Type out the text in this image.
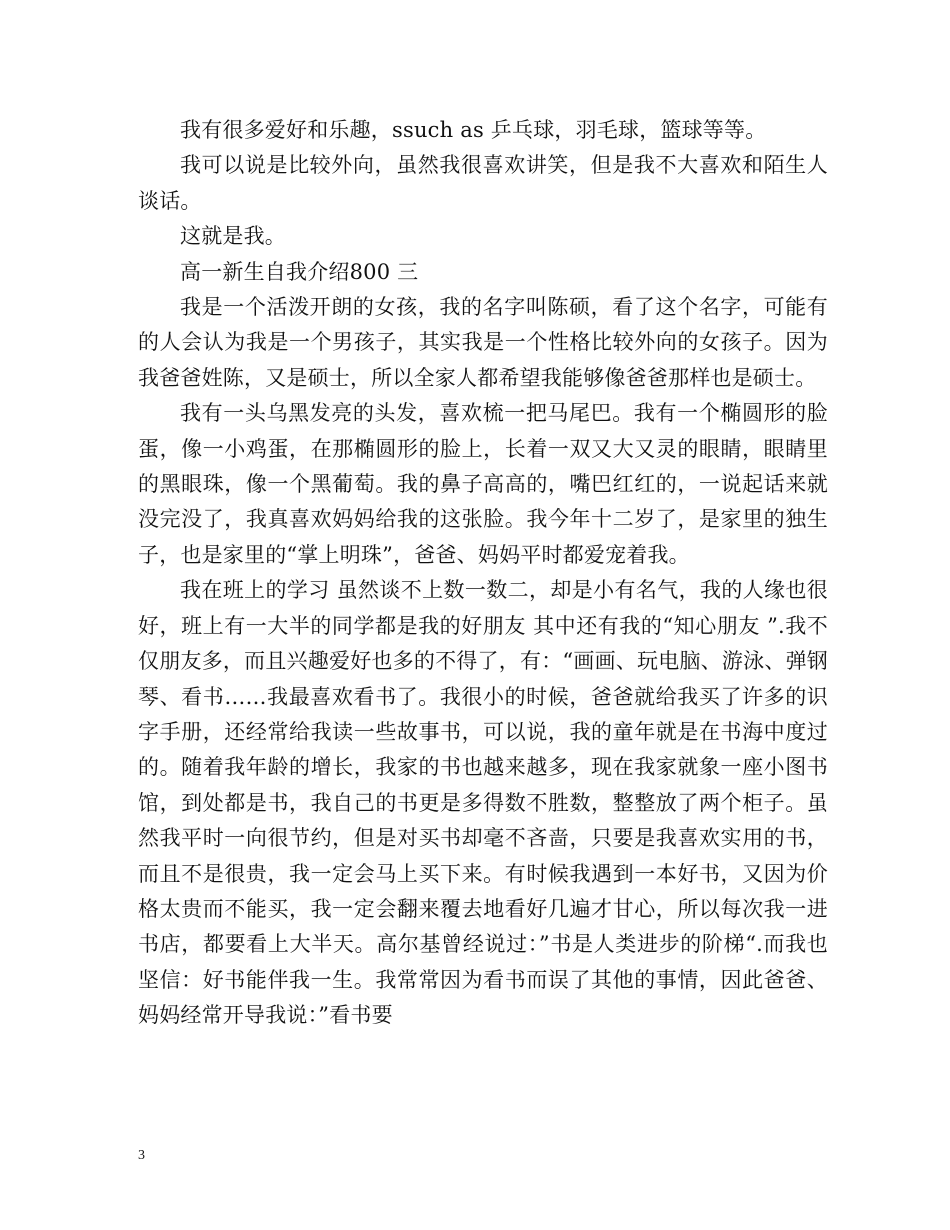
我有很多爱好和乐趣，ssuch as 乒乓球，羽毛球，篮球等等。

我可以说是比较外向，虽然我很喜欢讲笑，但是我不大喜欢和陌生人谈话。

这就是我。

高一新生自我介绍800 三

我是一个活泼开朗的女孩，我的名字叫陈硕，看了这个名字，可能有的人会认为我是一个男孩子，其实我是一个性格比较外向的女孩子。因为我爸爸姓陈，又是硕士，所以全家人都希望我能够像爸爸那样也是硕士。

我有一头乌黑发亮的头发，喜欢梳一把马尾巴。我有一个椭圆形的脸蛋，像一小鸡蛋，在那椭圆形的脸上，长着一双又大又灵的眼睛，眼睛里的黑眼珠，像一个黑葡萄。我的鼻子高高的，嘴巴红红的，一说起话来就没完没了，我真喜欢妈妈给我的这张脸。我今年十二岁了，是家里的独生子，也是家里的“掌上明珠”，爸爸、妈妈平时都爱宠着我。

我在班上的学习 虽然谈不上数一数二，却是小有名气，我的人缘也很好，班上有一大半的同学都是我的好朋友 其中还有我的“知心朋友 ”.我不仅朋友多，而且兴趣爱好也多的不得了，有：“画画、玩电脑、游泳、弹钢琴、看书……我最喜欢看书了。我很小的时候，爸爸就给我买了许多的识字手册，还经常给我读一些故事书，可以说，我的童年就是在书海中度过的。随着我年龄的增长，我家的书也越来越多，现在我家就象一座小图书馆，到处都是书，我自己的书更是多得数不胜数，整整放了两个柜子。虽然我平时一向很节约，但是对买书却毫不吝啬，只要是我喜欢实用的书，而且不是很贵，我一定会马上买下来。有时候我遇到一本好书，又因为价格太贵而不能买，我一定会翻来覆去地看好几遍才甘心，所以每次我一进书店，都要看上大半天。高尔基曾经说过：”书是人类进步的阶梯“.而我也坚信：好书能伴我一生。我常常因为看书而误了其他的事情，因此爸爸、妈妈经常开导我说：”看书要

3
